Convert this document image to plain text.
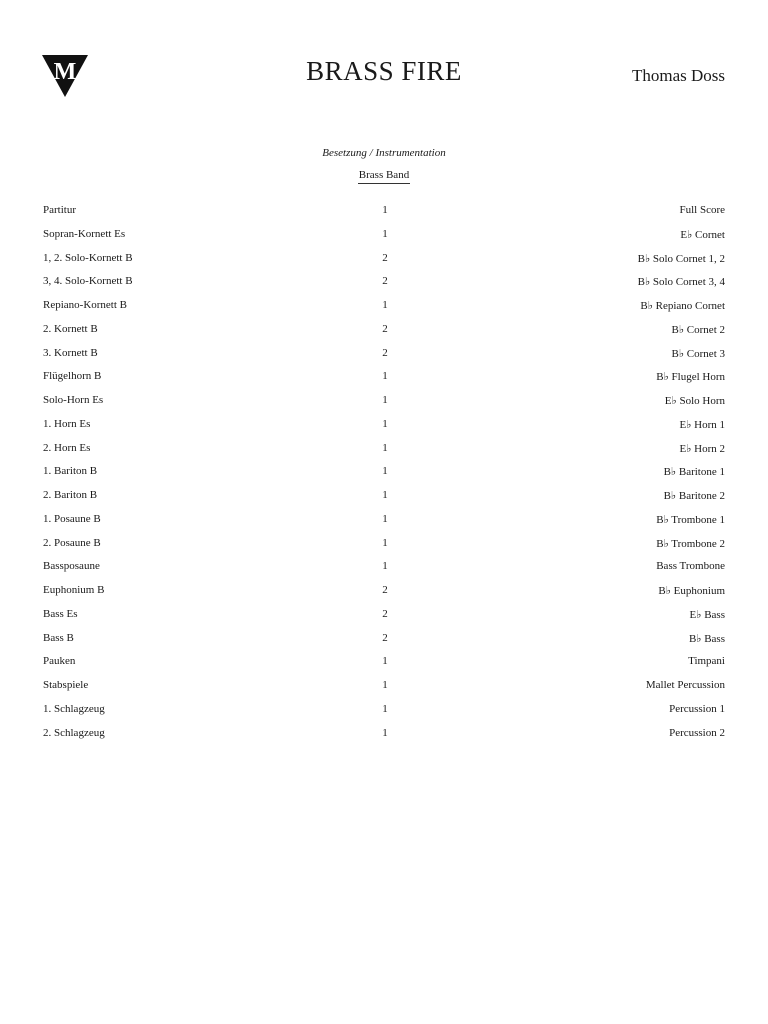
M	BRASS FIRE	Thomas Doss
Besetzung / Instrumentation
Brass Band
Partitur	1	Full Score
Sopran-Kornett Es	1	E♭ Cornet
1, 2. Solo-Kornett B	2	B♭ Solo Cornet 1, 2
3, 4. Solo-Kornett B	2	B♭ Solo Cornet 3, 4
Repiano-Kornett B	1	B♭ Repiano Cornet
2. Kornett B	2	B♭ Cornet 2
3. Kornett B	2	B♭ Cornet 3
Flügelhorn B	1	B♭ Flugel Horn
Solo-Horn Es	1	E♭ Solo Horn
1. Horn Es	1	E♭ Horn 1
2. Horn Es	1	E♭ Horn 2
1. Bariton B	1	B♭ Baritone 1
2. Bariton B	1	B♭ Baritone 2
1. Posaune B	1	B♭ Trombone 1
2. Posaune B	1	B♭ Trombone 2
Bassposaune	1	Bass Trombone
Euphonium B	2	B♭ Euphonium
Bass Es	2	E♭ Bass
Bass B	2	B♭ Bass
Pauken	1	Timpani
Stabspiele	1	Mallet Percussion
1. Schlagzeug	1	Percussion 1
2. Schlagzeug	1	Percussion 2
